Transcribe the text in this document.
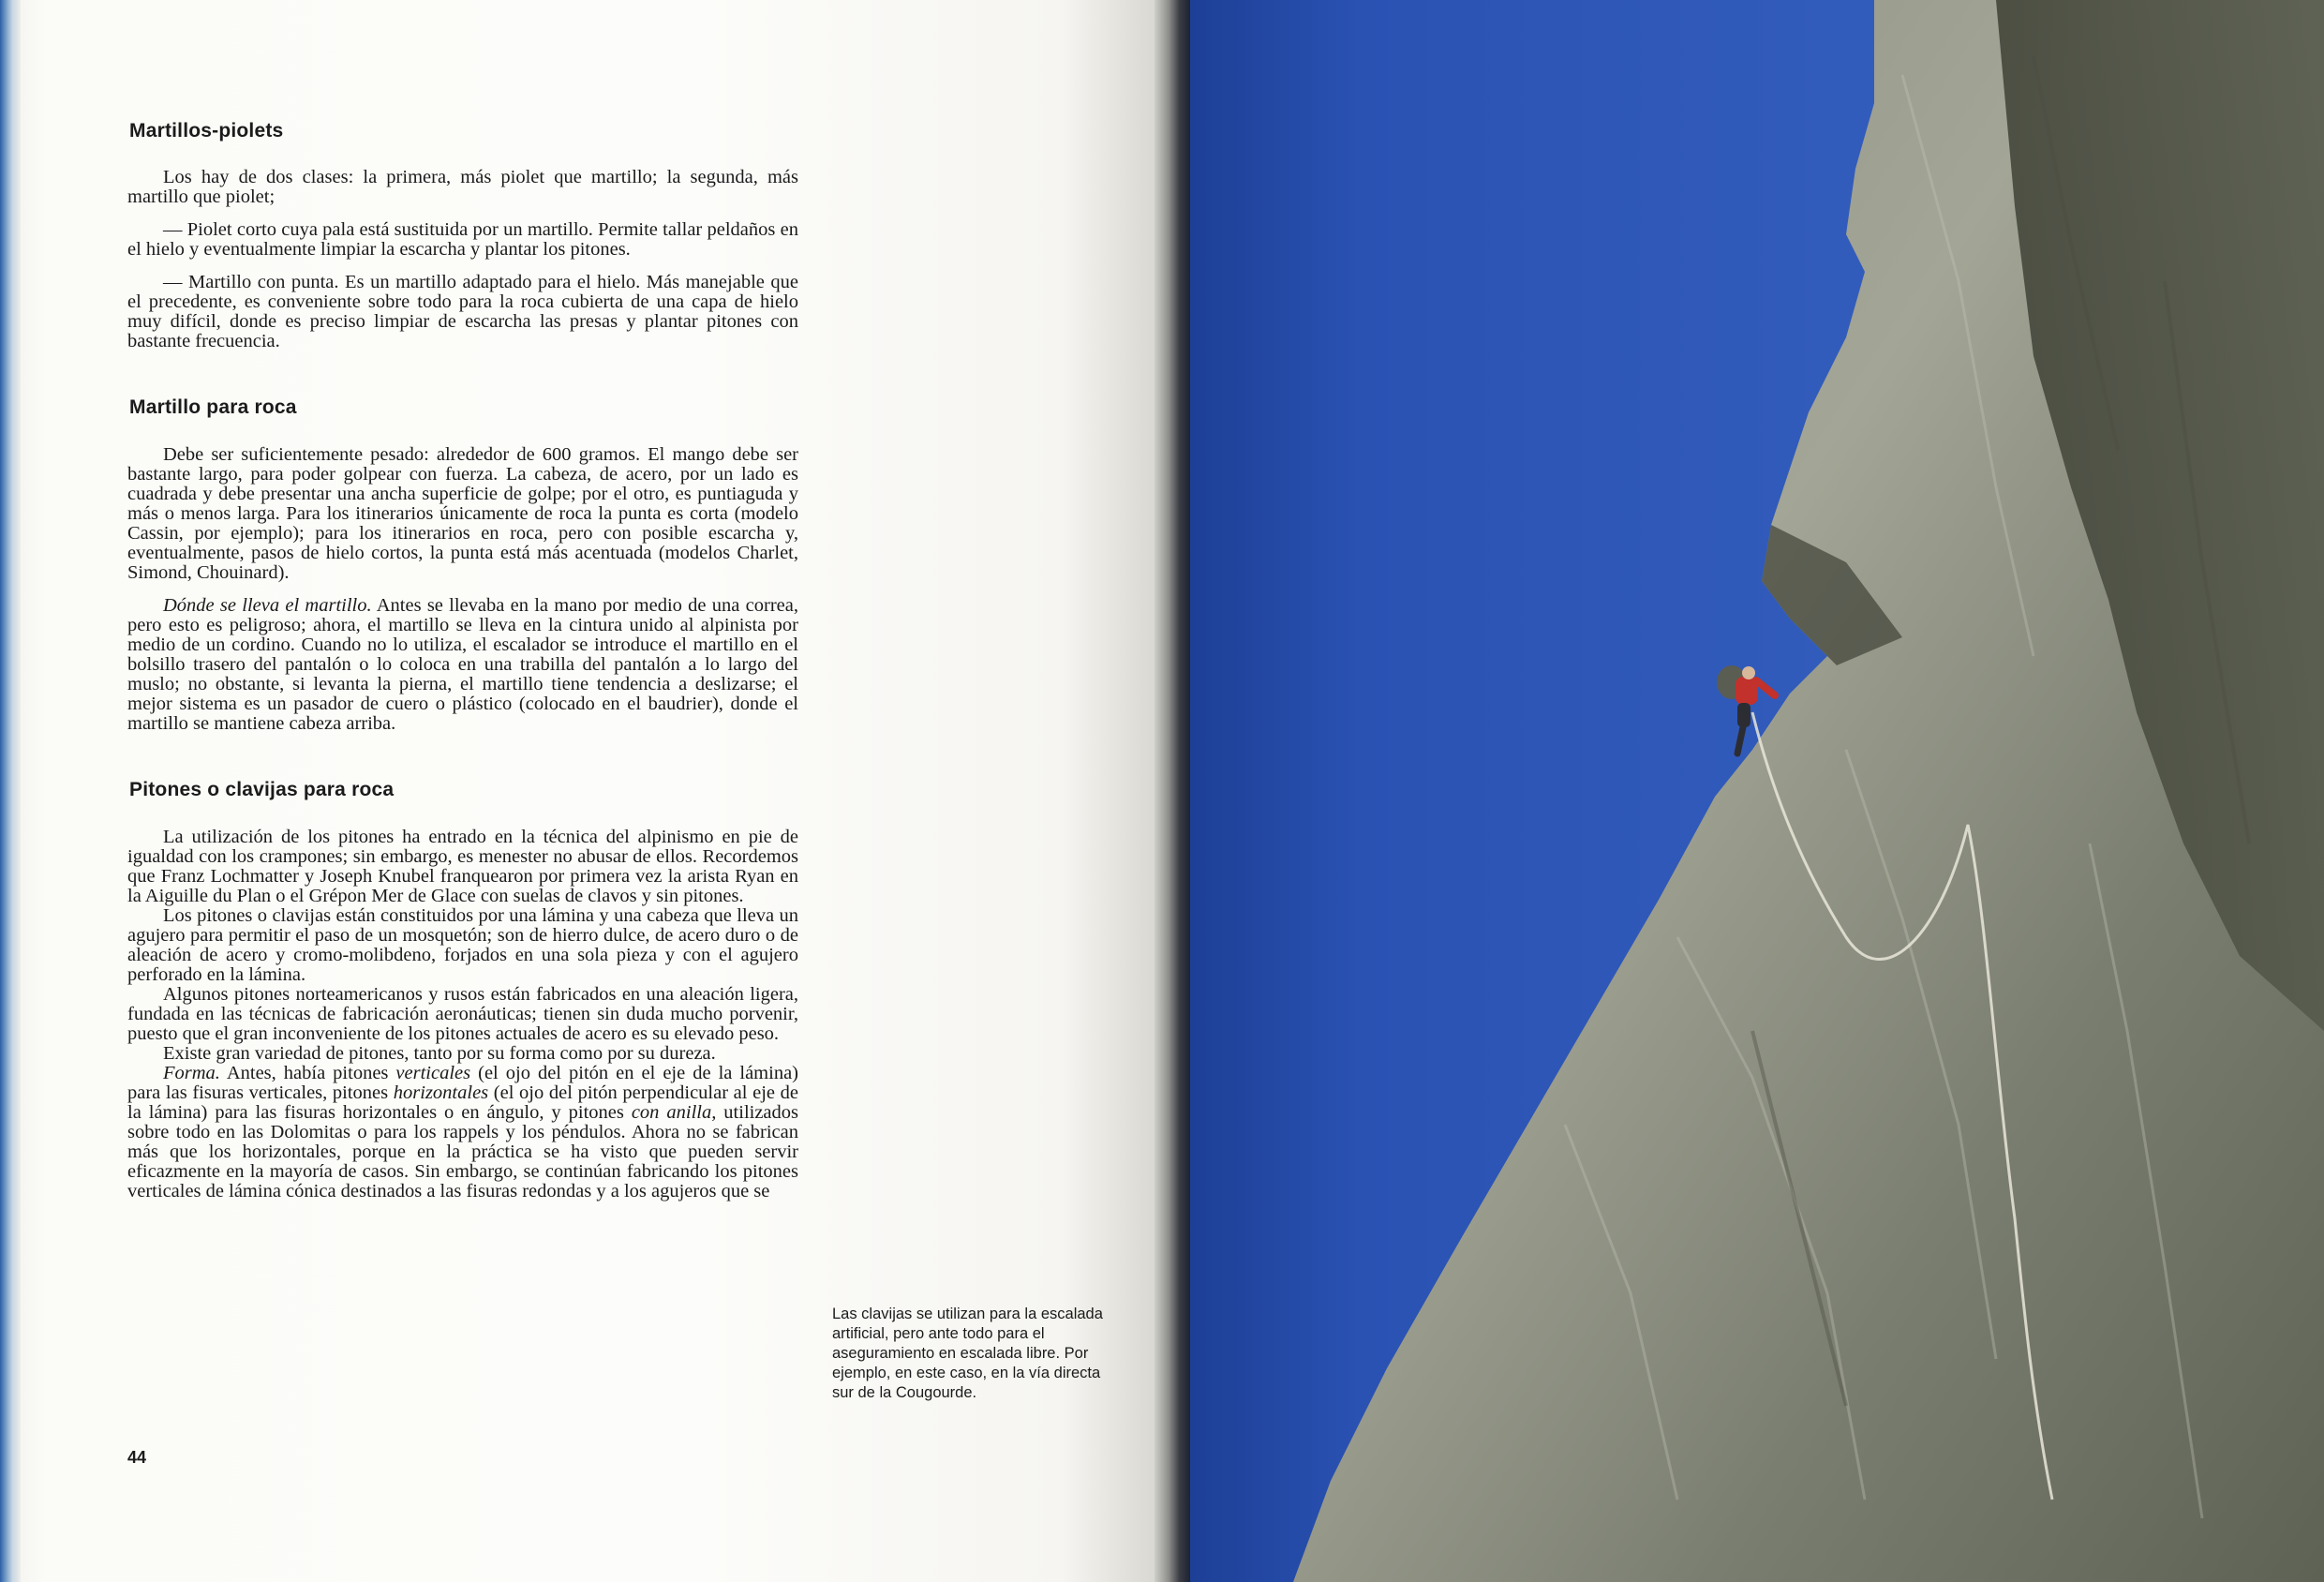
Martillos-piolets

Los hay de dos clases: la primera, más piolet que martillo; la segunda, más martillo que piolet;

— Piolet corto cuya pala está sustituida por un martillo. Permite tallar peldaños en el hielo y eventualmente limpiar la escarcha y plantar los pitones.

— Martillo con punta. Es un martillo adaptado para el hielo. Más manejable que el precedente, es conveniente sobre todo para la roca cubierta de una capa de hielo muy difícil, donde es preciso limpiar de escarcha las presas y plantar pitones con bastante frecuencia.

Martillo para roca

Debe ser suficientemente pesado: alrededor de 600 gramos. El mango debe ser bastante largo, para poder golpear con fuerza. La cabeza, de acero, por un lado es cuadrada y debe presentar una ancha superficie de golpe; por el otro, es puntiaguda y más o menos larga. Para los itinerarios únicamente de roca la punta es corta (modelo Cassin, por ejemplo); para los itinerarios en roca, pero con posible escarcha y, eventualmente, pasos de hielo cortos, la punta está más acentuada (modelos Charlet, Simond, Chouinard).

Dónde se lleva el martillo. Antes se llevaba en la mano por medio de una correa, pero esto es peligroso; ahora, el martillo se lleva en la cintura unido al alpinista por medio de un cordino. Cuando no lo utiliza, el escalador se introduce el martillo en el bolsillo trasero del pantalón o lo coloca en una trabilla del pantalón a lo largo del muslo; no obstante, si levanta la pierna, el martillo tiene tendencia a deslizarse; el mejor sistema es un pasador de cuero o plástico (colocado en el baudrier), donde el martillo se mantiene cabeza arriba.

Pitones o clavijas para roca

La utilización de los pitones ha entrado en la técnica del alpinismo en pie de igualdad con los crampones; sin embargo, es menester no abusar de ellos. Recordemos que Franz Lochmatter y Joseph Knubel franquearon por primera vez la arista Ryan en la Aiguille du Plan o el Grépon Mer de Glace con suelas de clavos y sin pitones.

Los pitones o clavijas están constituidos por una lámina y una cabeza que lleva un agujero para permitir el paso de un mosquetón; son de hierro dulce, de acero duro o de aleación de acero y cromo-molibdeno, forjados en una sola pieza y con el agujero perforado en la lámina.

Algunos pitones norteamericanos y rusos están fabricados en una aleación ligera, fundada en las técnicas de fabricación aeronáuticas; tienen sin duda mucho porvenir, puesto que el gran inconveniente de los pitones actuales de acero es su elevado peso.

Existe gran variedad de pitones, tanto por su forma como por su dureza.

Forma. Antes, había pitones verticales (el ojo del pitón en el eje de la lámina) para las fisuras verticales, pitones horizontales (el ojo del pitón perpendicular al eje de la lámina) para las fisuras horizontales o en ángulo, y pitones con anilla, utilizados sobre todo en las Dolomitas o para los rappels y los péndulos. Ahora no se fabrican más que los horizontales, porque en la práctica se ha visto que pueden servir eficazmente en la mayoría de casos. Sin embargo, se continúan fabricando los pitones verticales de lámina cónica destinados a las fisuras redondas y a los agujeros que se

44
Las clavijas se utilizan para la escalada artificial, pero ante todo para el aseguramiento en escalada libre. Por ejemplo, en este caso, en la vía directa sur de la Cougourde.
